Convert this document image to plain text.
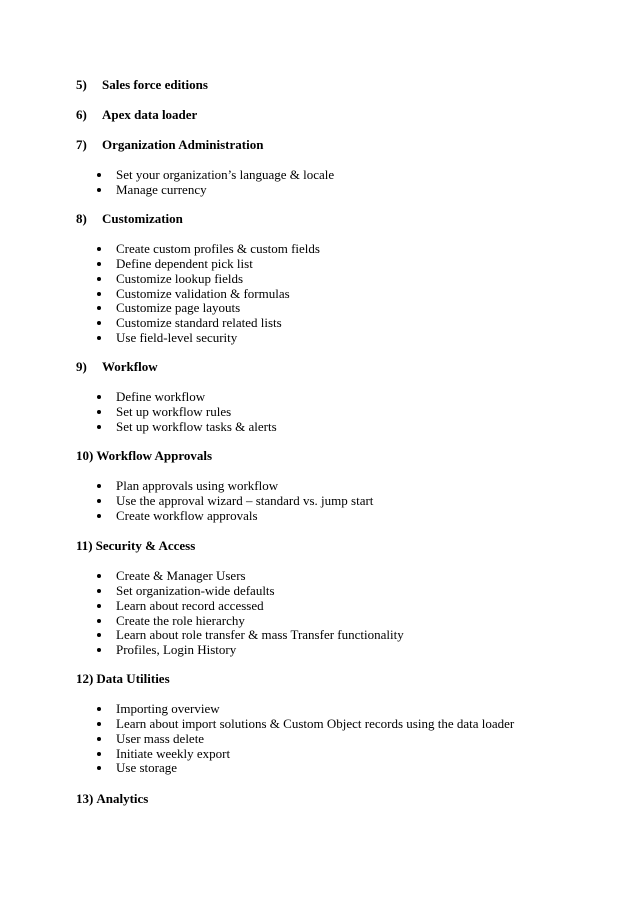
5) Sales force editions
6) Apex data loader
7) Organization Administration
Set your organization’s language & locale
Manage currency
8) Customization
Create custom profiles & custom fields
Define dependent pick list
Customize lookup fields
Customize validation & formulas
Customize page layouts
Customize standard related lists
Use field-level security
9) Workflow
Define workflow
Set up workflow rules
Set up workflow tasks & alerts
10) Workflow Approvals
Plan approvals using workflow
Use the approval wizard – standard vs. jump start
Create workflow approvals
11) Security & Access
Create & Manager Users
Set organization-wide defaults
Learn about record accessed
Create the role hierarchy
Learn about role transfer & mass Transfer functionality
Profiles, Login History
12) Data Utilities
Importing overview
Learn about import solutions & Custom Object records using the data loader
User mass delete
Initiate weekly export
Use storage
13) Analytics
